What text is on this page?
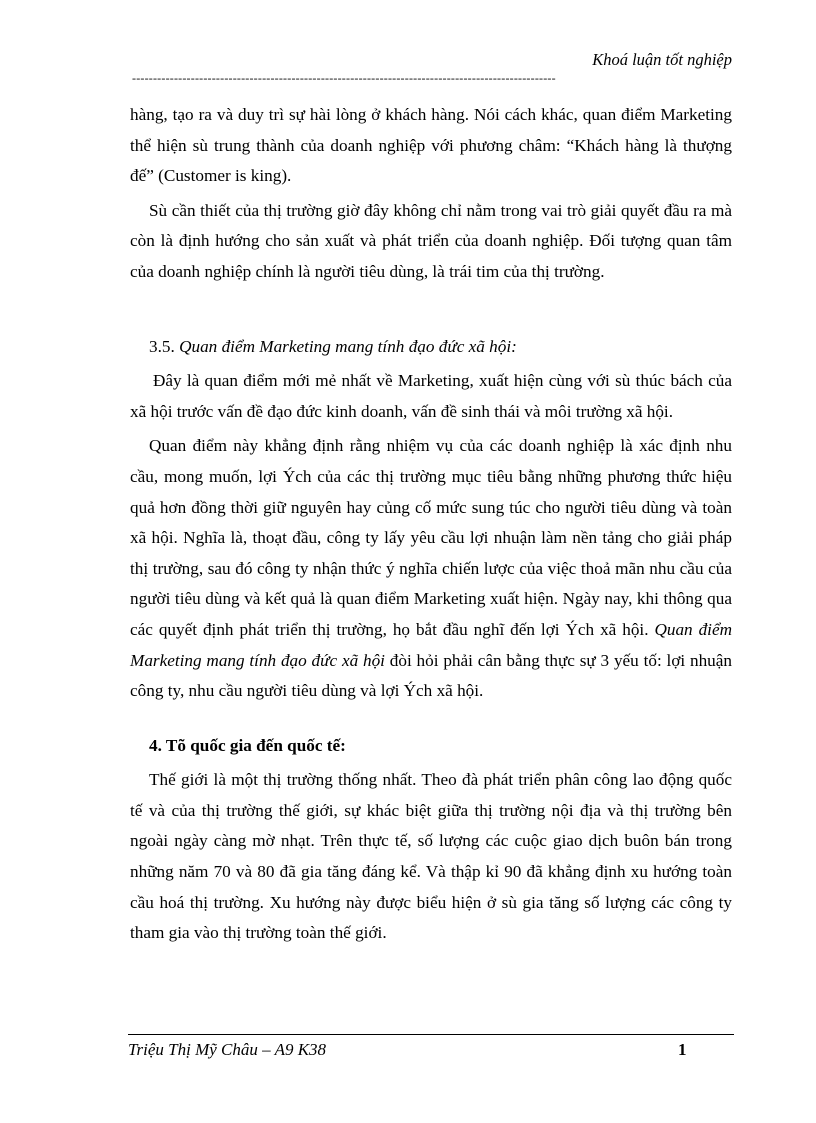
Khoá luận tốt nghiệp
-----------------------------------------------------------------------------------------------------

hàng, tạo ra và duy trì sự hài lòng ở khách hàng. Nói cách khác, quan điểm Marketing thể hiện sù trung thành của doanh nghiệp với phương châm: “Khách hàng là thượng đế” (Customer is king).

Sù cần thiết của thị trường giờ đây không chỉ nằm trong vai trò giải quyết đầu ra mà còn là định hướng cho sản xuất và phát triển của doanh nghiệp. Đối tượng quan tâm của doanh nghiệp chính là người tiêu dùng, là trái tim của thị trường.

3.5. Quan điểm Marketing mang tính đạo đức xã hội:

Đây là quan điểm mới mẻ nhất về Marketing, xuất hiện cùng với sù thúc bách của xã hội trước vấn đề đạo đức kinh doanh, vấn đề sinh thái và môi trường xã hội.

Quan điểm này khẳng định rằng nhiệm vụ của các doanh nghiệp là xác định nhu cầu, mong muốn, lợi Ých của các thị trường mục tiêu bằng những phương thức hiệu quả hơn đồng thời giữ nguyên hay củng cố mức sung túc cho người tiêu dùng và toàn xã hội. Nghĩa là, thoạt đầu, công ty lấy yêu cầu lợi nhuận làm nền tảng cho giải pháp thị trường, sau đó công ty nhận thức ý nghĩa chiến lược của việc thoả mãn nhu cầu của người tiêu dùng và kết quả là quan điểm Marketing xuất hiện. Ngày nay, khi thông qua các quyết định phát triển thị trường, họ bắt đầu nghĩ đến lợi Ých xã hội. Quan điểm Marketing mang tính đạo đức xã hội đòi hỏi phải cân bằng thực sự 3 yếu tố: lợi nhuận công ty, nhu cầu người tiêu dùng và lợi Ých xã hội.

4. Tõ quốc gia đến quốc tế:

Thế giới là một thị trường thống nhất. Theo đà phát triển phân công lao động quốc tế và của thị trường thế giới, sự khác biệt giữa thị trường nội địa và thị trường bên ngoài ngày càng mờ nhạt. Trên thực tế, số lượng các cuộc giao dịch buôn bán trong những năm 70 và 80 đã gia tăng đáng kể. Và thập kỉ 90 đã khẳng định xu hướng toàn cầu hoá thị trường. Xu hướng này được biểu hiện ở sù gia tăng số lượng các công ty tham gia vào thị trường toàn thế giới.

Triệu Thị Mỹ Châu – A9 K38	1
